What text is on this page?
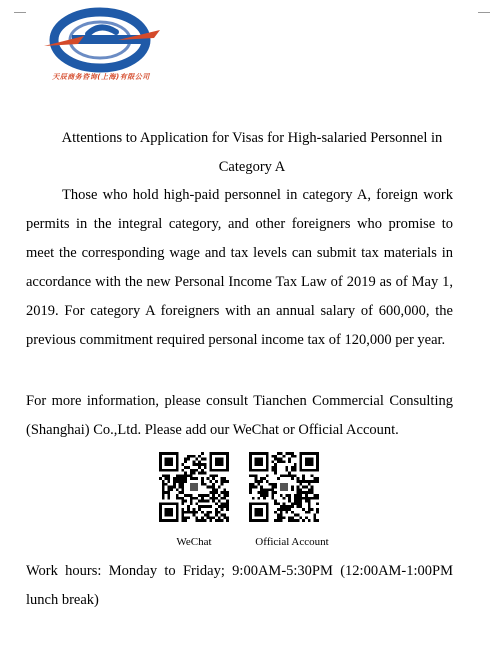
天辰商务咨询(上海)有限公司
Attentions to Application for Visas for High-salaried Personnel in
Category A
Those who hold high-paid personnel in category A, foreign work permits in the integral category, and other foreigners who promise to meet the corresponding wage and tax levels can submit tax materials in accordance with the new Personal Income Tax Law of 2019 as of May 1, 2019. For category A foreigners with an annual salary of 600,000, the previous commitment required personal income tax of 120,000 per year.
For more information, please consult Tianchen Commercial Consulting (Shanghai) Co.,Ltd. Please add our WeChat or Official Account.
WeChat	Official Account
Work hours: Monday to Friday; 9:00AM-5:30PM (12:00AM-1:00PM lunch break)
